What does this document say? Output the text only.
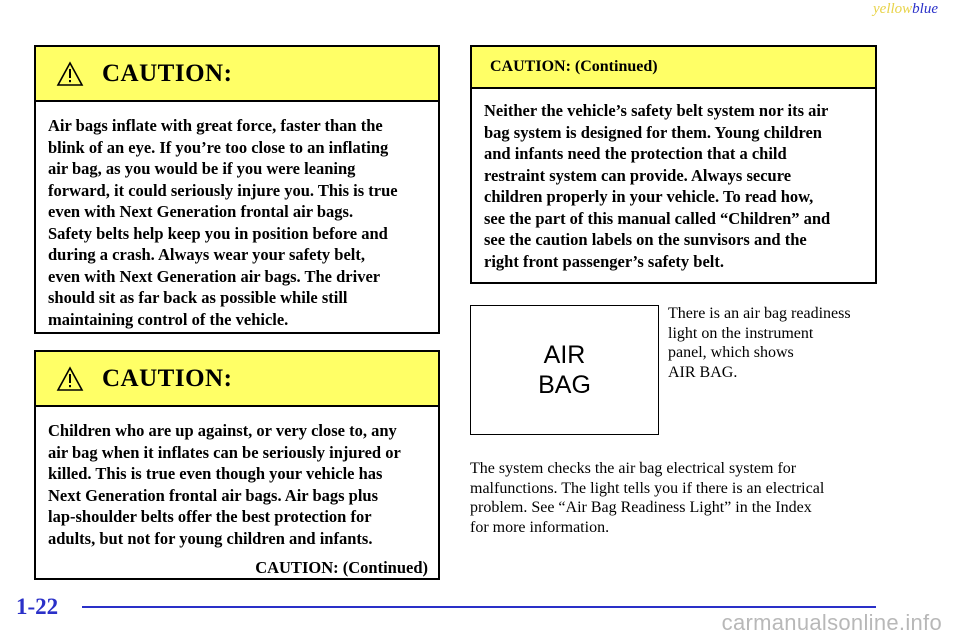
yellowblue
CAUTION:
Air bags inflate with great force, faster than the
blink of an eye. If you’re too close to an inflating
air bag, as you would be if you were leaning
forward, it could seriously injure you. This is true
even with Next Generation frontal air bags.
Safety belts help keep you in position before and
during a crash. Always wear your safety belt,
even with Next Generation air bags. The driver
should sit as far back as possible while still
maintaining control of the vehicle.
CAUTION:
Children who are up against, or very close to, any
air bag when it inflates can be seriously injured or
killed. This is true even though your vehicle has
Next Generation frontal air bags. Air bags plus
lap-shoulder belts offer the best protection for
adults, but not for young children and infants.
CAUTION: (Continued)
CAUTION: (Continued)
Neither the vehicle’s safety belt system nor its air
bag system is designed for them. Young children
and infants need the protection that a child
restraint system can provide. Always secure
children properly in your vehicle. To read how,
see the part of this manual called “Children” and
see the caution labels on the sunvisors and the
right front passenger’s safety belt.
AIR
BAG
There is an air bag readiness
light on the instrument
panel, which shows
AIR BAG.
The system checks the air bag electrical system for
malfunctions. The light tells you if there is an electrical
problem. See “Air Bag Readiness Light” in the Index
for more information.
1-22
carmanualsonline.info
